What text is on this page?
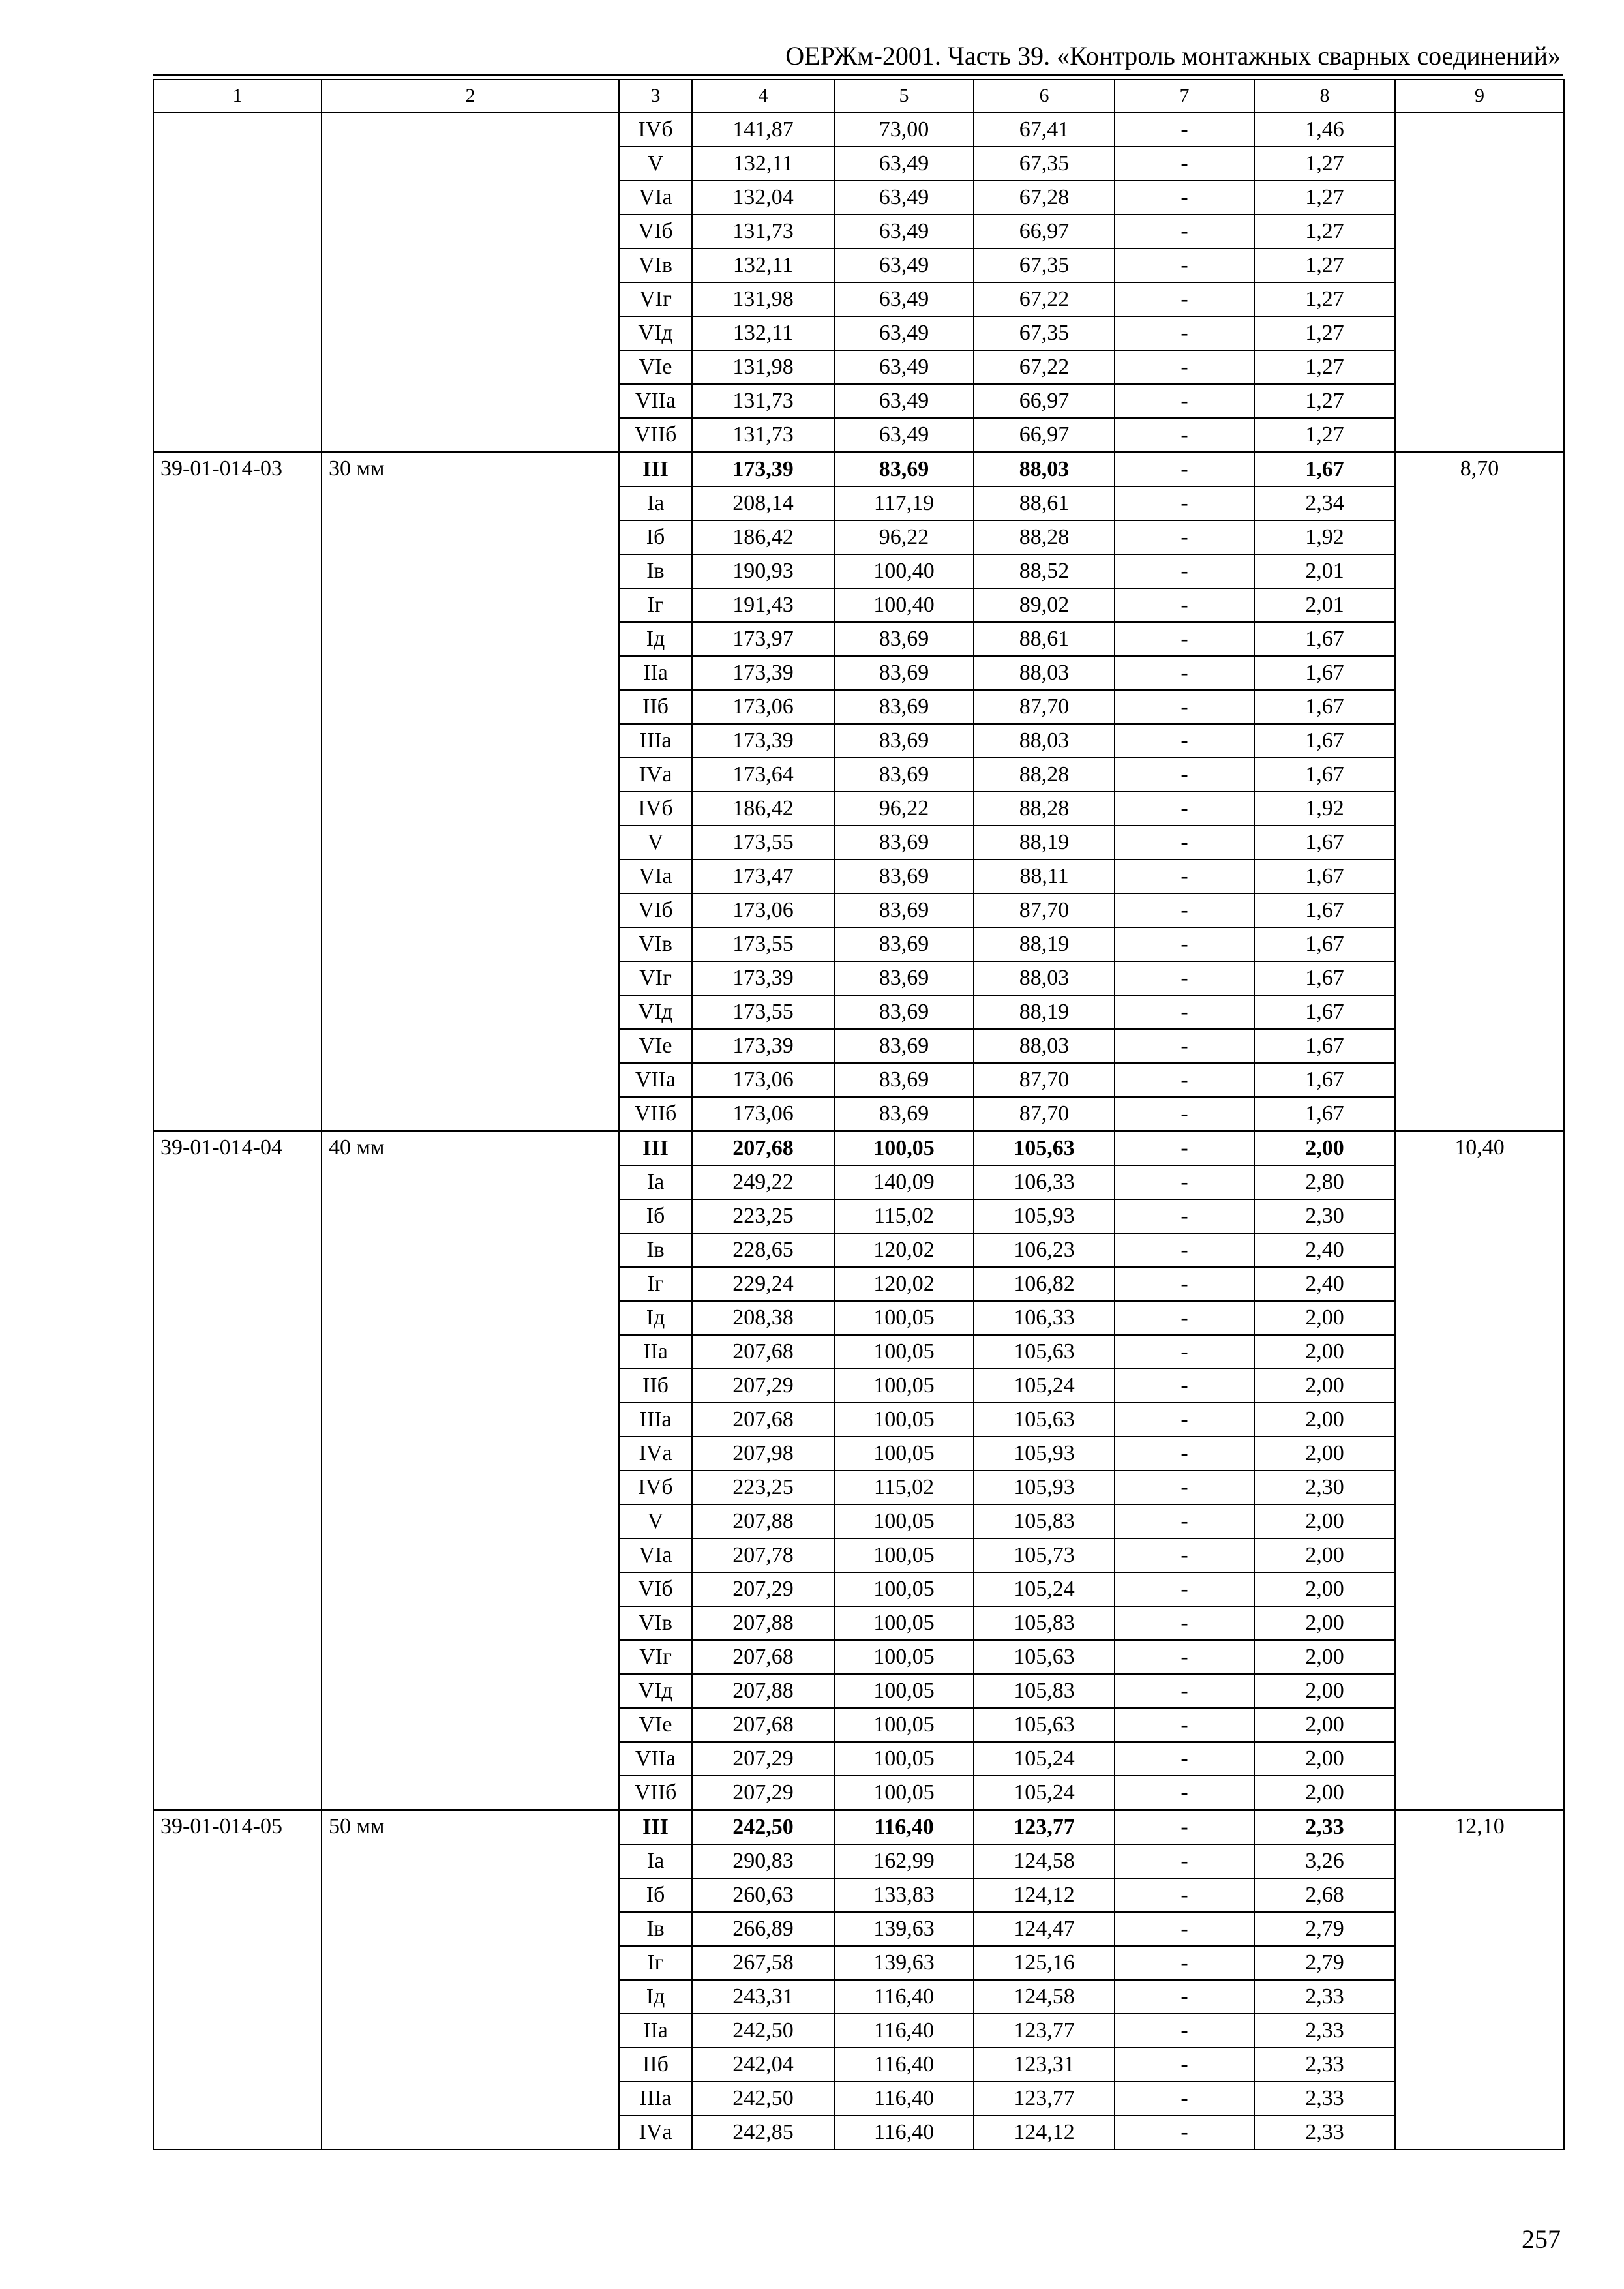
ОЕРЖм-2001. Часть 39. «Контроль монтажных сварных соединений»
1	2	3	4	5	6	7	8	9
		IVб	141,87	73,00	67,41	-	1,46	
		V	132,11	63,49	67,35	-	1,27	
		VIа	132,04	63,49	67,28	-	1,27	
		VIб	131,73	63,49	66,97	-	1,27	
		VIв	132,11	63,49	67,35	-	1,27	
		VIг	131,98	63,49	67,22	-	1,27	
		VIд	132,11	63,49	67,35	-	1,27	
		VIе	131,98	63,49	67,22	-	1,27	
		VIIа	131,73	63,49	66,97	-	1,27	
		VIIб	131,73	63,49	66,97	-	1,27	
39-01-014-03	30 мм	III	173,39	83,69	88,03	-	1,67	8,70
		Iа	208,14	117,19	88,61	-	2,34	
		Iб	186,42	96,22	88,28	-	1,92	
		Iв	190,93	100,40	88,52	-	2,01	
		Iг	191,43	100,40	89,02	-	2,01	
		Iд	173,97	83,69	88,61	-	1,67	
		IIа	173,39	83,69	88,03	-	1,67	
		IIб	173,06	83,69	87,70	-	1,67	
		IIIа	173,39	83,69	88,03	-	1,67	
		IVа	173,64	83,69	88,28	-	1,67	
		IVб	186,42	96,22	88,28	-	1,92	
		V	173,55	83,69	88,19	-	1,67	
		VIа	173,47	83,69	88,11	-	1,67	
		VIб	173,06	83,69	87,70	-	1,67	
		VIв	173,55	83,69	88,19	-	1,67	
		VIг	173,39	83,69	88,03	-	1,67	
		VIд	173,55	83,69	88,19	-	1,67	
		VIе	173,39	83,69	88,03	-	1,67	
		VIIа	173,06	83,69	87,70	-	1,67	
		VIIб	173,06	83,69	87,70	-	1,67	
39-01-014-04	40 мм	III	207,68	100,05	105,63	-	2,00	10,40
		Iа	249,22	140,09	106,33	-	2,80	
		Iб	223,25	115,02	105,93	-	2,30	
		Iв	228,65	120,02	106,23	-	2,40	
		Iг	229,24	120,02	106,82	-	2,40	
		Iд	208,38	100,05	106,33	-	2,00	
		IIа	207,68	100,05	105,63	-	2,00	
		IIб	207,29	100,05	105,24	-	2,00	
		IIIа	207,68	100,05	105,63	-	2,00	
		IVа	207,98	100,05	105,93	-	2,00	
		IVб	223,25	115,02	105,93	-	2,30	
		V	207,88	100,05	105,83	-	2,00	
		VIа	207,78	100,05	105,73	-	2,00	
		VIб	207,29	100,05	105,24	-	2,00	
		VIв	207,88	100,05	105,83	-	2,00	
		VIг	207,68	100,05	105,63	-	2,00	
		VIд	207,88	100,05	105,83	-	2,00	
		VIе	207,68	100,05	105,63	-	2,00	
		VIIа	207,29	100,05	105,24	-	2,00	
		VIIб	207,29	100,05	105,24	-	2,00	
39-01-014-05	50 мм	III	242,50	116,40	123,77	-	2,33	12,10
		Iа	290,83	162,99	124,58	-	3,26	
		Iб	260,63	133,83	124,12	-	2,68	
		Iв	266,89	139,63	124,47	-	2,79	
		Iг	267,58	139,63	125,16	-	2,79	
		Iд	243,31	116,40	124,58	-	2,33	
		IIа	242,50	116,40	123,77	-	2,33	
		IIб	242,04	116,40	123,31	-	2,33	
		IIIа	242,50	116,40	123,77	-	2,33	
		IVа	242,85	116,40	124,12	-	2,33	
257
